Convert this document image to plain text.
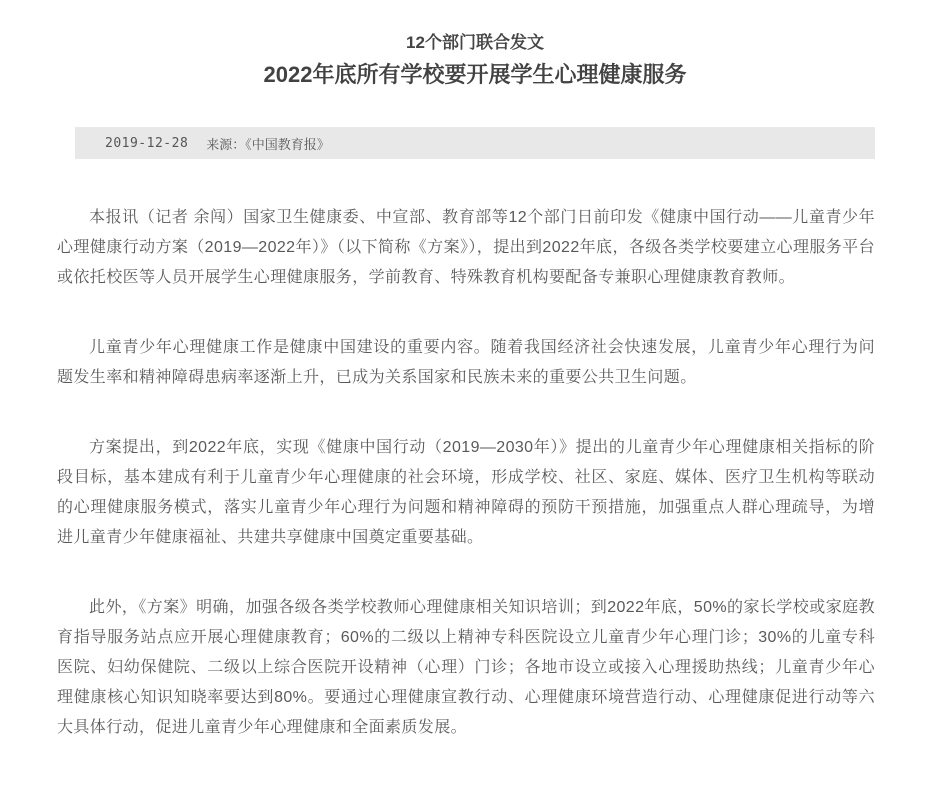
12个部门联合发文
2022年底所有学校要开展学生心理健康服务
2019-12-28 来源：《中国教育报》

本报讯（记者 余闯）国家卫生健康委、中宣部、教育部等12个部门日前印发《健康中国行动——儿童青少年心理健康行动方案（2019—2022年）》（以下简称《方案》），提出到2022年底，各级各类学校要建立心理服务平台或依托校医等人员开展学生心理健康服务，学前教育、特殊教育机构要配备专兼职心理健康教育教师。

儿童青少年心理健康工作是健康中国建设的重要内容。随着我国经济社会快速发展，儿童青少年心理行为问题发生率和精神障碍患病率逐渐上升，已成为关系国家和民族未来的重要公共卫生问题。

方案提出，到2022年底，实现《健康中国行动（2019—2030年）》提出的儿童青少年心理健康相关指标的阶段目标，基本建成有利于儿童青少年心理健康的社会环境，形成学校、社区、家庭、媒体、医疗卫生机构等联动的心理健康服务模式，落实儿童青少年心理行为问题和精神障碍的预防干预措施，加强重点人群心理疏导，为增进儿童青少年健康福祉、共建共享健康中国奠定重要基础。

此外，《方案》明确，加强各级各类学校教师心理健康相关知识培训；到2022年底，50%的家长学校或家庭教育指导服务站点应开展心理健康教育；60%的二级以上精神专科医院设立儿童青少年心理门诊；30%的儿童专科医院、妇幼保健院、二级以上综合医院开设精神（心理）门诊；各地市设立或接入心理援助热线；儿童青少年心理健康核心知识知晓率要达到80%。要通过心理健康宣教行动、心理健康环境营造行动、心理健康促进行动等六大具体行动，促进儿童青少年心理健康和全面素质发展。
